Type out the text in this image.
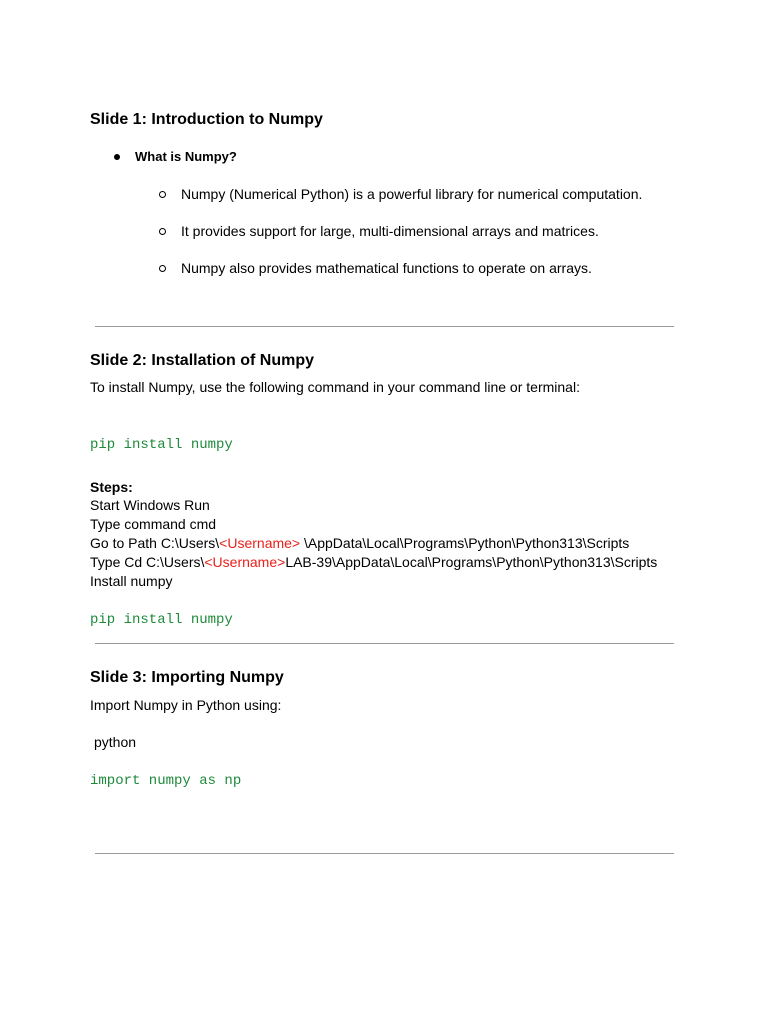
Slide 1: Introduction to Numpy
What is Numpy?
Numpy (Numerical Python) is a powerful library for numerical computation.
It provides support for large, multi-dimensional arrays and matrices.
Numpy also provides mathematical functions to operate on arrays.
Slide 2: Installation of Numpy
To install Numpy, use the following command in your command line or terminal:
pip install numpy
Steps:
Start Windows Run
Type command cmd
Go to Path C:\Users\<Username> \AppData\Local\Programs\Python\Python313\Scripts
Type Cd C:\Users\<Username>LAB-39\AppData\Local\Programs\Python\Python313\Scripts
Install numpy
pip install numpy
Slide 3: Importing Numpy
Import Numpy in Python using:
python
import numpy as np
